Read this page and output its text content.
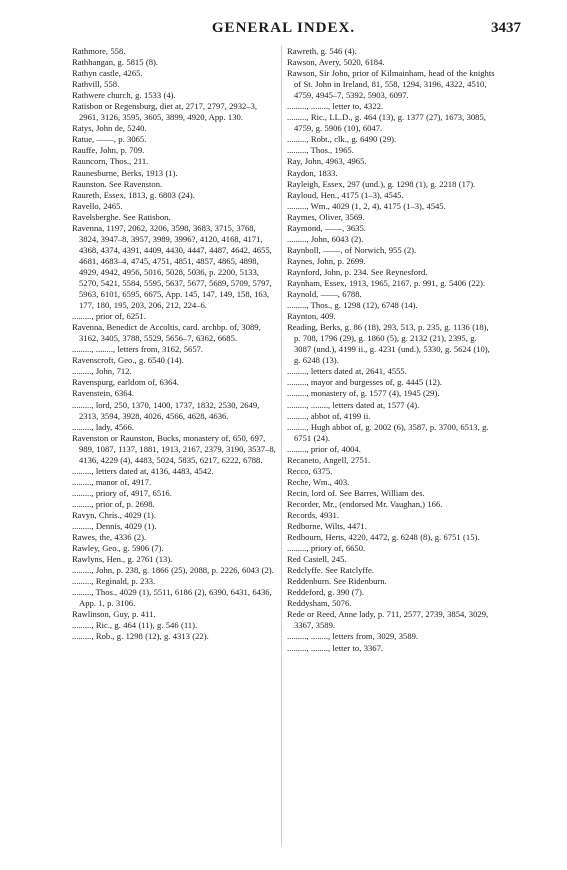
GENERAL INDEX.	3437

Rathmore, 558.

Rathhangan, g. 5815 (8).

Rathyn castle, 4265.

Rathvill, 558.

Rathwere church, g. 1533 (4).

Ratisbon or Regensburg, diet at, 2717, 2797, 2932–3, 2961, 3126, 3595, 3605, 3899, 4920, App. 130.

Ratys, John de, 5240.

Ratue, ——, p. 3065.

Rauffe, John, p. 709.

Rauncorn, Thos., 211.

Raunesburne, Berks, 1913 (1).

Raunston. See Ravenston.

Raureth, Essex, 1813, g. 6803 (24).

Ravello, 2465.

Ravelsberghe. See Ratisbon.

Ravenna, 1197, 2062, 3206, 3598, 3683, 3715, 3768, 3824, 3947–8, 3957, 3989, 3996?, 4120, 4168, 4171, 4368, 4374, 4391, 4409, 4430, 4447, 4487, 4642, 4655, 4681, 4683–4, 4745, 4751, 4851, 4857, 4865, 4898, 4929, 4942, 4956, 5016, 5028, 5036, p. 2200, 5133, 5270, 5421, 5584, 5595, 5637, 5677, 5689, 5709, 5797, 5963, 6101, 6595, 6675, App. 145, 147, 149, 158, 163, 177, 180, 195, 203, 206, 212, 224–6.

........., prior of, 6251.

Ravenna, Benedict de Accoltis, card. archbp. of, 3089, 3162, 3405, 3788, 5529, 5656–7, 6362, 6685.

........., ........, letters from, 3162, 5657.

Ravenscroft, Geo., g. 6540 (14).

........., John, 712.

Ravenspurg, earldom of, 6364.

Ravenstein, 6364.

........., lord, 250, 1370, 1400, 1737, 1832, 2530, 2649, 2313, 3594, 3928, 4026, 4566, 4628, 4636.

........., lady, 4566.

Ravenston or Raunston, Bucks, monastery of, 650, 697, 989, 1087, 1137, 1881, 1913, 2167, 2379, 3190, 3537–8, 4136, 4229 (4), 4483, 5024, 5835, 6217, 6222, 6788.

........., letters dated at, 4136, 4483, 4542.

........., manor of, 4917.

........., priory of, 4917, 6516.

........., prior of, p. 2698.

Ravyn, Chris., 4029 (1).

........., Dennis, 4029 (1).

Rawes, the, 4336 (2).

Rawley, Geo., g. 5906 (7).

Rawlyns, Hen., g. 2761 (13).

........., John, p. 238, g. 1866 (25), 2088, p. 2226, 6043 (2).

........., Reginald, p. 233.

........., Thos., 4029 (1), 5511, 6186 (2), 6390, 6431, 6436, App. 1, p. 3106.

Rawlinson, Guy, p. 411.

........., Ric., g. 464 (11), g. 546 (11).

........., Rob., g. 1298 (12), g. 4313 (22).

Rawreth, g. 546 (4).

Rawson, Avery, 5020, 6184.

Rawson, Sir John, prior of Kilmainham, head of the knights of St. John in Ireland, 81, 558, 1294, 3196, 4322, 4510, 4759, 4945–7, 5392, 5903, 6097.

........., ........, letter to, 4322.

........., Ric., LL.D., g. 464 (13), g. 1377 (27), 1673, 3085, 4759, g. 5906 (10), 6047.

........., Robt., clk., g. 6490 (29).

........., Thos., 1965.

Ray, John, 4963, 4965.

Raydon, 1833.

Rayleigh, Essex, 297 (und.), g. 1298 (1), g. 2218 (17).

Rayloud, Hen., 4175 (1–3), 4545.

........., Wm., 4029 (1, 2, 4), 4175 (1–3), 4545.

Raymes, Oliver, 3569.

Raymond, ——, 3635.

........., John, 6043 (2).

Raynboll, ——, of Norwich, 955 (2).

Raynes, John, p. 2699.

Raynford, John, p. 234. See Reynesford.

Raynham, Essex, 1913, 1965, 2167, p. 991, g. 5406 (22).

Raynold, ——, 6788.

........., Thos., g. 1298 (12), 6748 (14).

Raynton, 409.

Reading, Berks, g. 86 (18), 293, 513, p. 235, g. 1136 (18), p. 708, 1796 (29), g. 1860 (5), g. 2132 (21), 2395, g. 3087 (und.), 4199 ii., g. 4231 (und.), 5330, g. 5624 (10), g. 6248 (13).

........., letters dated at, 2641, 4555.

........., mayor and burgesses of, g. 4445 (12).

........., monastery of, g. 1577 (4), 1945 (29).

........., ........, letters dated at, 1577 (4).

........., abbot of, 4199 ii.

........., Hugh abbot of, g. 2002 (6), 3587, p. 3700, 6513, g. 6751 (24).

........., prior of, 4004.

Recaneto, Angell, 2751.

Recco, 6375.

Reche, Wm., 403.

Recin, lord of. See Barres, William des.

Recorder, Mr., (endorsed Mr. Vaughan,) 166.

Records, 4931.

Redborne, Wilts, 4471.

Redbourn, Herts, 4220, 4472, g. 6248 (8), g. 6751 (15).

........., priory of, 6650.

Red Castell, 245.

Redclyffe. See Ratclyffe.

Reddenburn. See Ridenburn.

Reddeford, g. 390 (7).

Reddysham, 5076.

Rede or Reed, Anne lady, p. 711, 2577, 2739, 3854, 3029, 3367, 3589.

........., ........, letters from, 3029, 3589.

........., ........, letter to, 3367.
